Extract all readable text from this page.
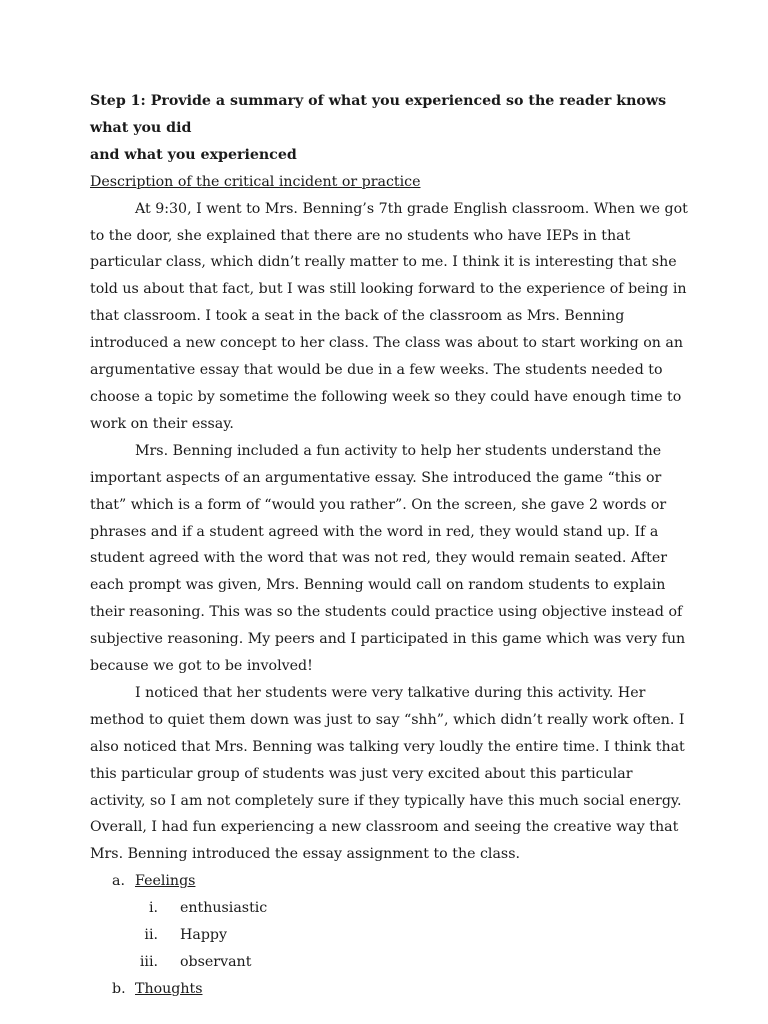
Step 1: Provide a summary of what you experienced so the reader knows what you did
and what you experienced

Description of the critical incident or practice

At 9:30, I went to Mrs. Benning’s 7th grade English classroom. When we got to the door, she explained that there are no students who have IEPs in that particular class, which didn’t really matter to me. I think it is interesting that she told us about that fact, but I was still looking forward to the experience of being in that classroom. I took a seat in the back of the classroom as Mrs. Benning introduced a new concept to her class. The class was about to start working on an argumentative essay that would be due in a few weeks. The students needed to choose a topic by sometime the following week so they could have enough time to work on their essay.

Mrs. Benning included a fun activity to help her students understand the important aspects of an argumentative essay. She introduced the game “this or that” which is a form of “would you rather”. On the screen, she gave 2 words or phrases and if a student agreed with the word in red, they would stand up. If a student agreed with the word that was not red, they would remain seated. After each prompt was given, Mrs. Benning would call on random students to explain their reasoning. This was so the students could practice using objective instead of subjective reasoning. My peers and I participated in this game which was very fun because we got to be involved!

I noticed that her students were very talkative during this activity. Her method to quiet them down was just to say “shh”, which didn’t really work often. I also noticed that Mrs. Benning was talking very loudly the entire time. I think that this particular group of students was just very excited about this particular activity, so I am not completely sure if they typically have this much social energy. Overall, I had fun experiencing a new classroom and seeing the creative way that Mrs. Benning introduced the essay assignment to the class.

a. Feelings
i. enthusiastic
ii. Happy
iii. observant
b. Thoughts
